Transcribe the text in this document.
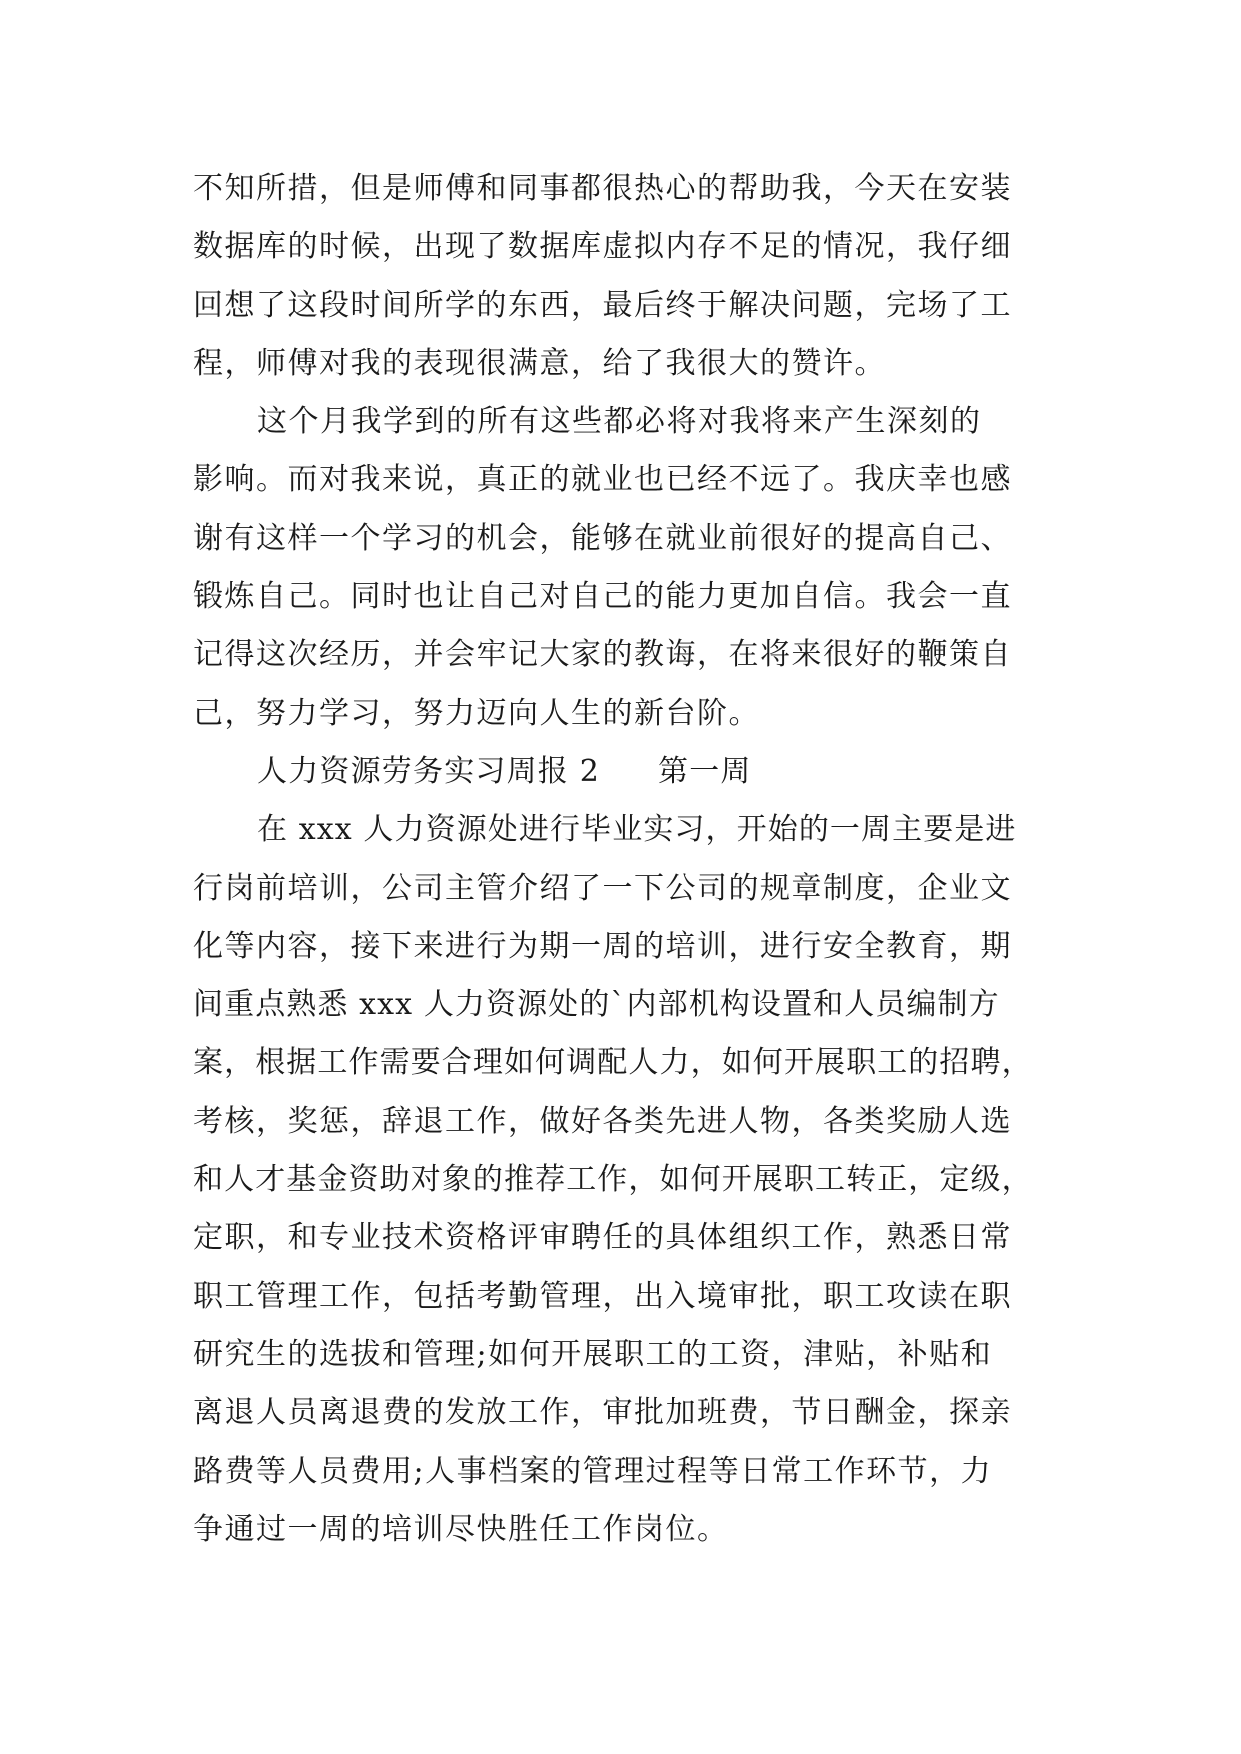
不知所措，但是师傅和同事都很热心的帮助我，今天在安装
数据库的时候，出现了数据库虚拟内存不足的情况，我仔细
回想了这段时间所学的东西，最后终于解决问题，完场了工
程，师傅对我的表现很满意，给了我很大的赞许。
这个月我学到的所有这些都必将对我将来产生深刻的
影响。而对我来说，真正的就业也已经不远了。我庆幸也感
谢有这样一个学习的机会，能够在就业前很好的提高自己、
锻炼自己。同时也让自己对自己的能力更加自信。我会一直
记得这次经历，并会牢记大家的教诲，在将来很好的鞭策自
己，努力学习，努力迈向人生的新台阶。
人力资源劳务实习周报 2 第一周
在 xxx 人力资源处进行毕业实习，开始的一周主要是进
行岗前培训，公司主管介绍了一下公司的规章制度，企业文
化等内容，接下来进行为期一周的培训，进行安全教育，期
间重点熟悉 xxx 人力资源处的`内部机构设置和人员编制方
案，根据工作需要合理如何调配人力，如何开展职工的招聘，
考核，奖惩，辞退工作，做好各类先进人物，各类奖励人选
和人才基金资助对象的推荐工作，如何开展职工转正，定级，
定职，和专业技术资格评审聘任的具体组织工作，熟悉日常
职工管理工作，包括考勤管理，出入境审批，职工攻读在职
研究生的选拔和管理;如何开展职工的工资，津贴，补贴和
离退人员离退费的发放工作，审批加班费，节日酬金，探亲
路费等人员费用;人事档案的管理过程等日常工作环节，力
争通过一周的培训尽快胜任工作岗位。
